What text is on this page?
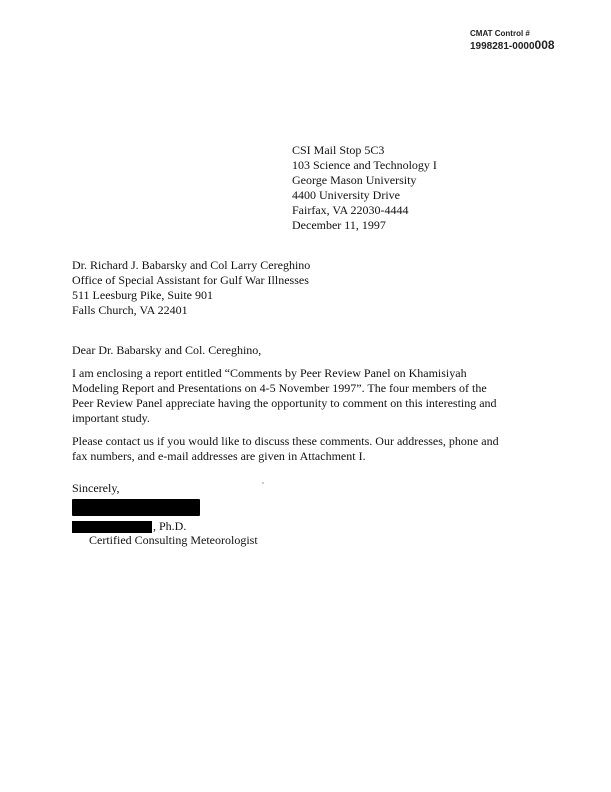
CMAT Control #
1998281-0000008
CSI Mail Stop 5C3
103 Science and Technology I
George Mason University
4400 University Drive
Fairfax, VA 22030-4444
December 11, 1997
Dr. Richard J. Babarsky and Col Larry Cereghino
Office of Special Assistant for Gulf War Illnesses
511 Leesburg Pike, Suite 901
Falls Church, VA 22401
Dear Dr. Babarsky and Col. Cereghino,
I am enclosing a report entitled “Comments by Peer Review Panel on Khamisiyah
Modeling Report and Presentations on 4-5 November 1997”. The four members of the
Peer Review Panel appreciate having the opportunity to comment on this interesting and
important study.
Please contact us if you would like to discuss these comments. Our addresses, phone and
fax numbers, and e-mail addresses are given in Attachment I.
Sincerely,
, Ph.D.
Certified Consulting Meteorologist
